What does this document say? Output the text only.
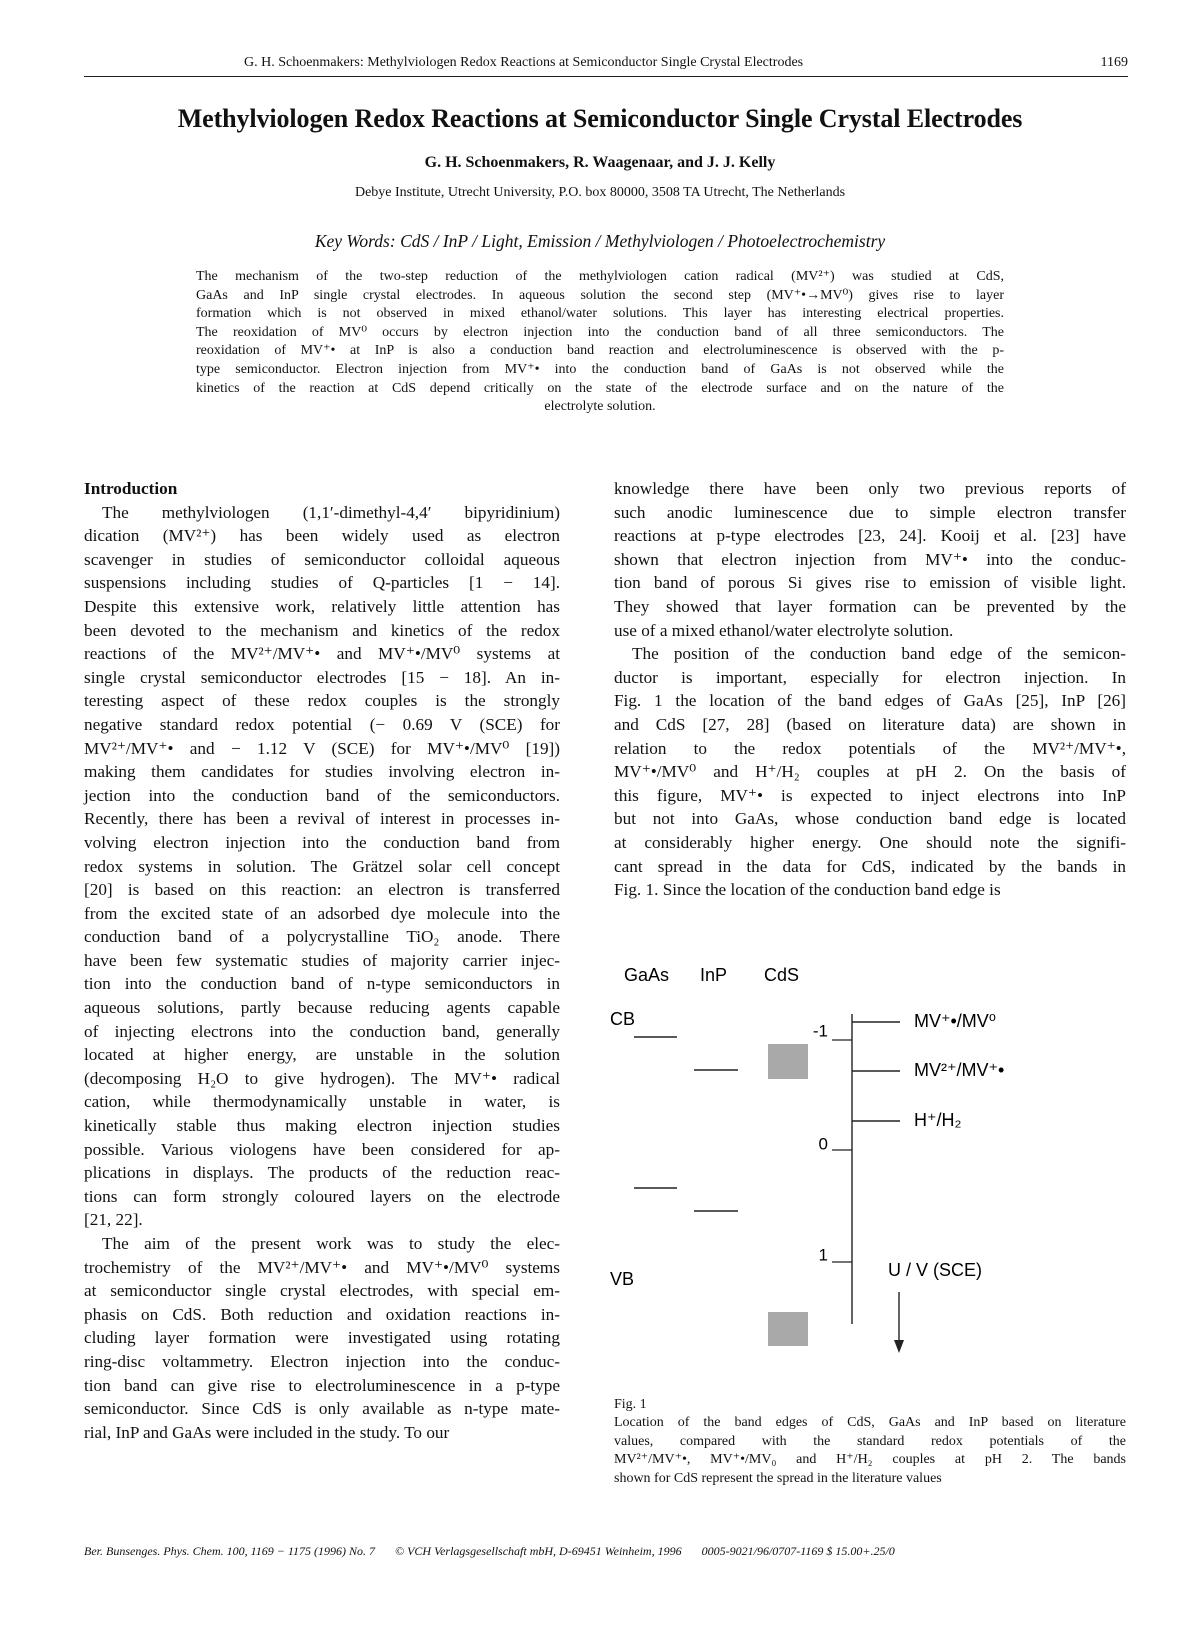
G. H. Schoenmakers: Methylviologen Redox Reactions at Semiconductor Single Crystal Electrodes	1169
Methylviologen Redox Reactions at Semiconductor Single Crystal Electrodes
G. H. Schoenmakers, R. Waagenaar, and J. J. Kelly
Debye Institute, Utrecht University, P.O. box 80000, 3508 TA Utrecht, The Netherlands
Key Words: CdS / InP / Light, Emission / Methylviologen / Photoelectrochemistry
The mechanism of the two-step reduction of the methylviologen cation radical (MV²⁺) was studied at CdS,
GaAs and InP single crystal electrodes. In aqueous solution the second step (MV⁺•→MV⁰) gives rise to layer
formation which is not observed in mixed ethanol/water solutions. This layer has interesting electrical properties.
The reoxidation of MV⁰ occurs by electron injection into the conduction band of all three semiconductors. The
reoxidation of MV⁺• at InP is also a conduction band reaction and electroluminescence is observed with the p-
type semiconductor. Electron injection from MV⁺• into the conduction band of GaAs is not observed while the
kinetics of the reaction at CdS depend critically on the state of the electrode surface and on the nature of the
electrolyte solution.
Introduction
The methylviologen (1,1′-dimethyl-4,4′ bipyridinium)
dication (MV²⁺) has been widely used as electron
scavenger in studies of semiconductor colloidal aqueous
suspensions including studies of Q-particles [1 − 14].
Despite this extensive work, relatively little attention has
been devoted to the mechanism and kinetics of the redox
reactions of the MV²⁺/MV⁺• and MV⁺•/MV⁰ systems at
single crystal semiconductor electrodes [15 − 18]. An in-
teresting aspect of these redox couples is the strongly
negative standard redox potential (− 0.69 V (SCE) for
MV²⁺/MV⁺• and − 1.12 V (SCE) for MV⁺•/MV⁰ [19])
making them candidates for studies involving electron in-
jection into the conduction band of the semiconductors.
Recently, there has been a revival of interest in processes in-
volving electron injection into the conduction band from
redox systems in solution. The Grätzel solar cell concept
[20] is based on this reaction: an electron is transferred
from the excited state of an adsorbed dye molecule into the
conduction band of a polycrystalline TiO₂ anode. There
have been few systematic studies of majority carrier injec-
tion into the conduction band of n-type semiconductors in
aqueous solutions, partly because reducing agents capable
of injecting electrons into the conduction band, generally
located at higher energy, are unstable in the solution
(decomposing H₂O to give hydrogen). The MV⁺• radical
cation, while thermodynamically unstable in water, is
kinetically stable thus making electron injection studies
possible. Various viologens have been considered for ap-
plications in displays. The products of the reduction reac-
tions can form strongly coloured layers on the electrode
[21, 22].
The aim of the present work was to study the elec-
trochemistry of the MV²⁺/MV⁺• and MV⁺•/MV⁰ systems
at semiconductor single crystal electrodes, with special em-
phasis on CdS. Both reduction and oxidation reactions in-
cluding layer formation were investigated using rotating
ring-disc voltammetry. Electron injection into the conduc-
tion band can give rise to electroluminescence in a p-type
semiconductor. Since CdS is only available as n-type mate-
rial, InP and GaAs were included in the study. To our
knowledge there have been only two previous reports of
such anodic luminescence due to simple electron transfer
reactions at p-type electrodes [23, 24]. Kooij et al. [23] have
shown that electron injection from MV⁺• into the conduc-
tion band of porous Si gives rise to emission of visible light.
They showed that layer formation can be prevented by the
use of a mixed ethanol/water electrolyte solution.
The position of the conduction band edge of the semicon-
ductor is important, especially for electron injection. In
Fig. 1 the location of the band edges of GaAs [25], InP [26]
and CdS [27, 28] (based on literature data) are shown in
relation to the redox potentials of the MV²⁺/MV⁺•,
MV⁺•/MV⁰ and H⁺/H₂ couples at pH 2. On the basis of
this figure, MV⁺• is expected to inject electrons into InP
but not into GaAs, whose conduction band edge is located
at considerably higher energy. One should note the signifi-
cant spread in the data for CdS, indicated by the bands in
Fig. 1. Since the location of the conduction band edge is
GaAs InP CdS
CB
VB
-1
0
1
MV⁺•/MV⁰
MV²⁺/MV⁺•
H⁺/H₂
U / V (SCE)
Fig. 1
Location of the band edges of CdS, GaAs and InP based on literature
values, compared with the standard redox potentials of the
MV²⁺/MV⁺•, MV⁺•/MV₀ and H⁺/H₂ couples at pH 2. The bands
shown for CdS represent the spread in the literature values
Ber. Bunsenges. Phys. Chem. 100, 1169 − 1175 (1996) No. 7 © VCH Verlagsgesellschaft mbH, D-69451 Weinheim, 1996 0005-9021/96/0707-1169 $ 15.00+.25/0
